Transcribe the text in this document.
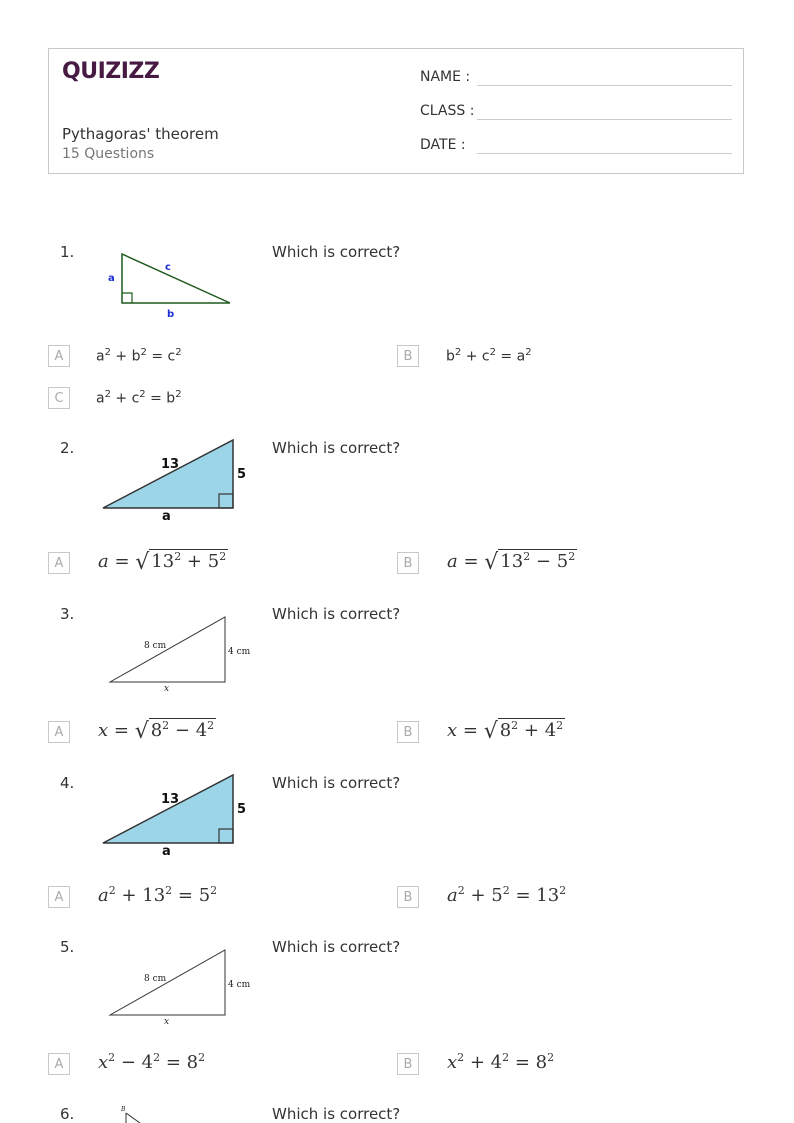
QUIZIZZ
Pythagoras' theorem
15 Questions
NAME :
CLASS :
DATE :
1.
a
c
b
Which is correct?
A	$a^2 + b^2 = c^2$	B	$b^2 + c^2 = a^2$
C	$a^2 + c^2 = b^2$
2.
13
5
a
Which is correct?
A	a = √ $13^2 + 5^2$	B	a = √ $13^2 - 5^2$
3.
8 cm
4 cm
x
Which is correct?
A	x = √ $8^2 - 4^2$	B	x = √ $8^2 + 4^2$
4.
13
5
a
Which is correct?
A	$a^2 + 13^2 = 5^2$	B	$a^2 + 5^2 = 13^2$
5.
8 cm
4 cm
x
Which is correct?
A	$x^2 - 4^2 = 8^2$	B	$x^2 + 4^2 = 8^2$
6.	B	Which is correct?
